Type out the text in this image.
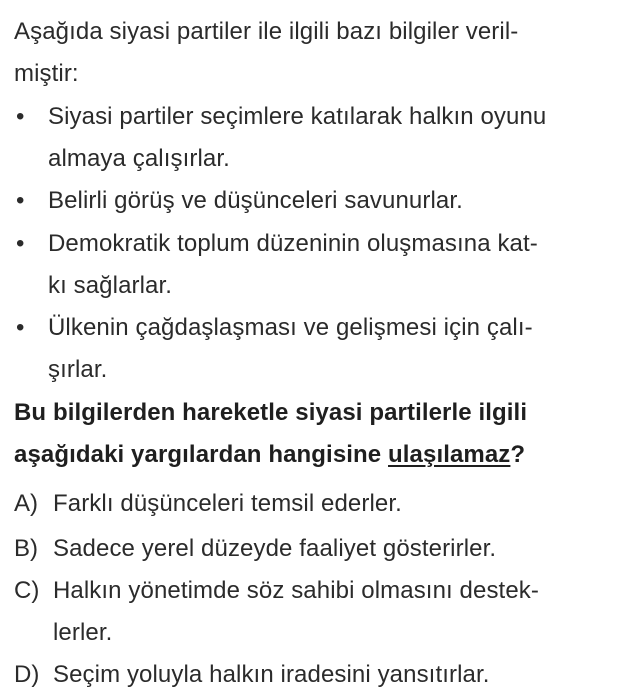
Aşağıda siyasi partiler ile ilgili bazı bilgiler veril-
miştir:
• Siyasi partiler seçimlere katılarak halkın oyunu
almaya çalışırlar.
• Belirli görüş ve düşünceleri savunurlar.
• Demokratik toplum düzeninin oluşmasına kat-
kı sağlarlar.
• Ülkenin çağdaşlaşması ve gelişmesi için çalı-
şırlar.
Bu bilgilerden hareketle siyasi partilerle ilgili
aşağıdaki yargılardan hangisine ulaşılamaz?
A) Farklı düşünceleri temsil ederler.
B) Sadece yerel düzeyde faaliyet gösterirler.
C) Halkın yönetimde söz sahibi olmasını destek-
lerler.
D) Seçim yoluyla halkın iradesini yansıtırlar.
